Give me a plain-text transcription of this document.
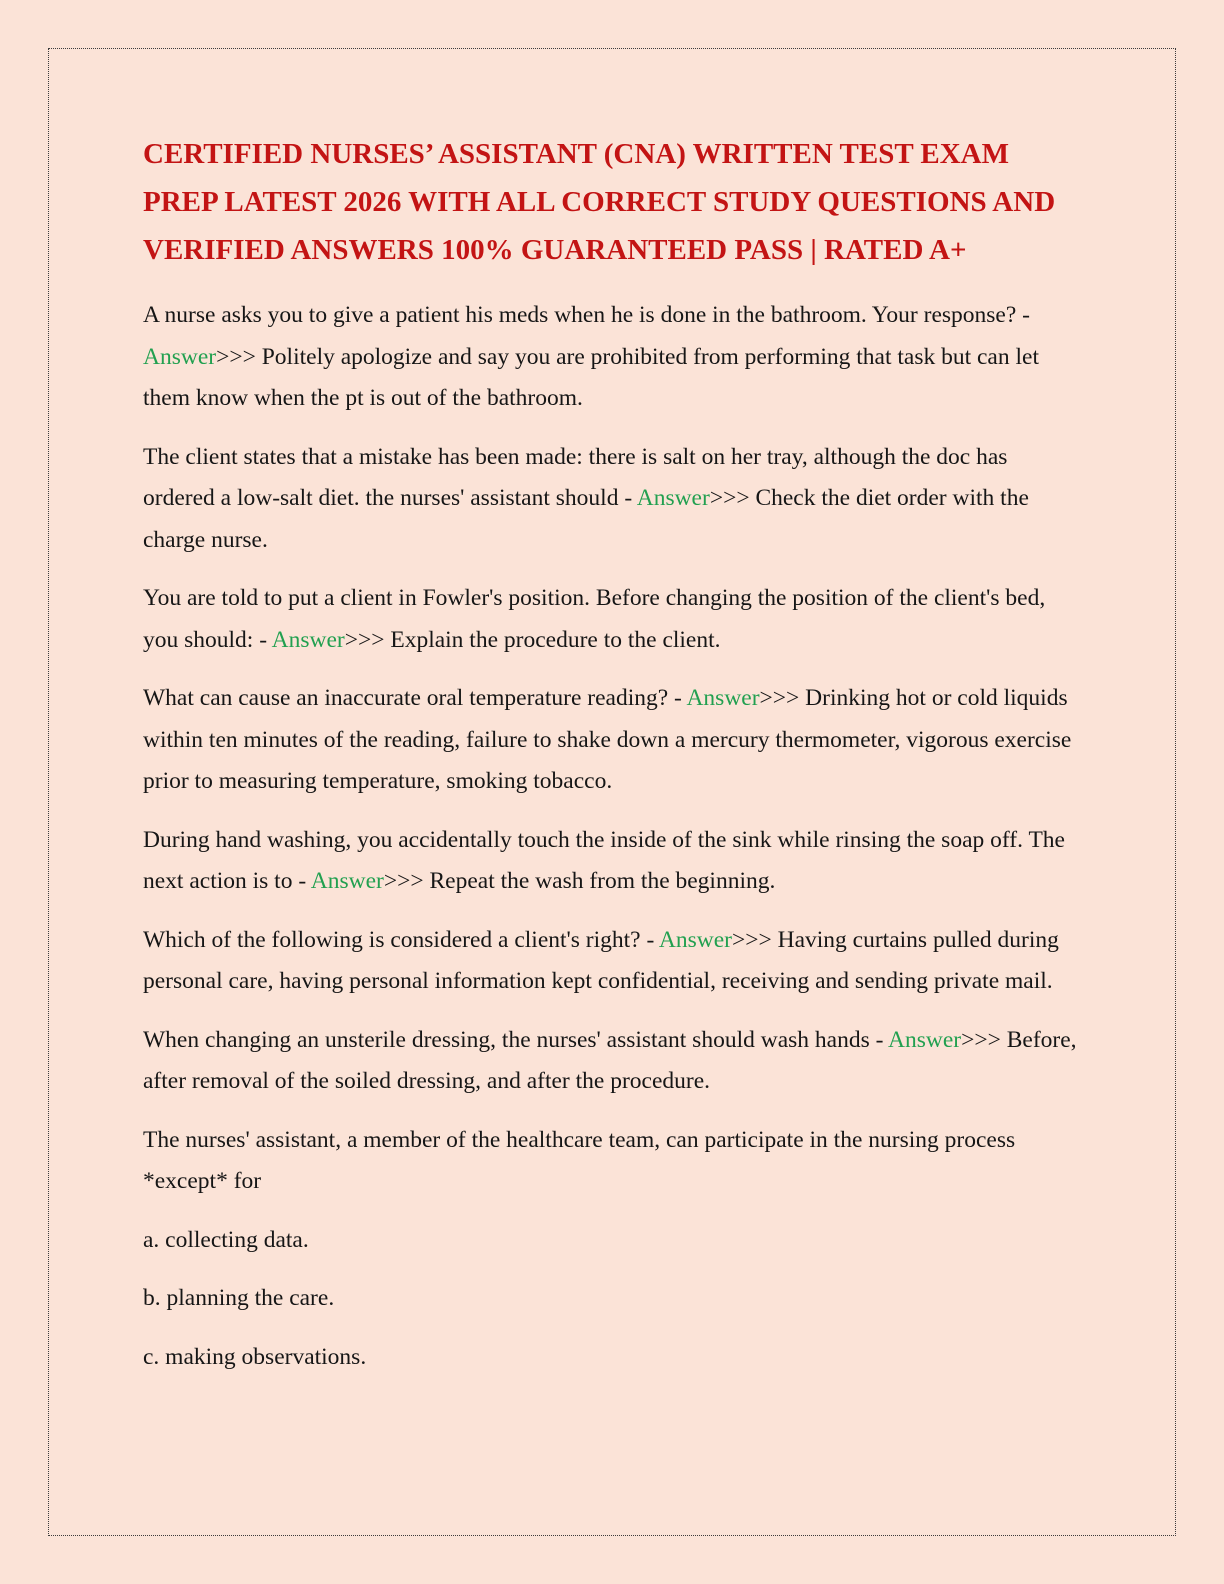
CERTIFIED NURSES’ ASSISTANT (CNA) WRITTEN TEST EXAM PREP LATEST 2026 WITH ALL CORRECT STUDY QUESTIONS AND VERIFIED ANSWERS 100% GUARANTEED PASS | RATED A+

A nurse asks you to give a patient his meds when he is done in the bathroom. Your response? - Answer>>> Politely apologize and say you are prohibited from performing that task but can let them know when the pt is out of the bathroom.

The client states that a mistake has been made: there is salt on her tray, although the doc has ordered a low-salt diet. the nurses' assistant should - Answer>>> Check the diet order with the charge nurse.

You are told to put a client in Fowler's position. Before changing the position of the client's bed, you should: - Answer>>> Explain the procedure to the client.

What can cause an inaccurate oral temperature reading? - Answer>>> Drinking hot or cold liquids within ten minutes of the reading, failure to shake down a mercury thermometer, vigorous exercise prior to measuring temperature, smoking tobacco.

During hand washing, you accidentally touch the inside of the sink while rinsing the soap off. The next action is to - Answer>>> Repeat the wash from the beginning.

Which of the following is considered a client's right? - Answer>>> Having curtains pulled during personal care, having personal information kept confidential, receiving and sending private mail.

When changing an unsterile dressing, the nurses' assistant should wash hands - Answer>>> Before, after removal of the soiled dressing, and after the procedure.

The nurses' assistant, a member of the healthcare team, can participate in the nursing process *except* for

a. collecting data.

b. planning the care.

c. making observations.
